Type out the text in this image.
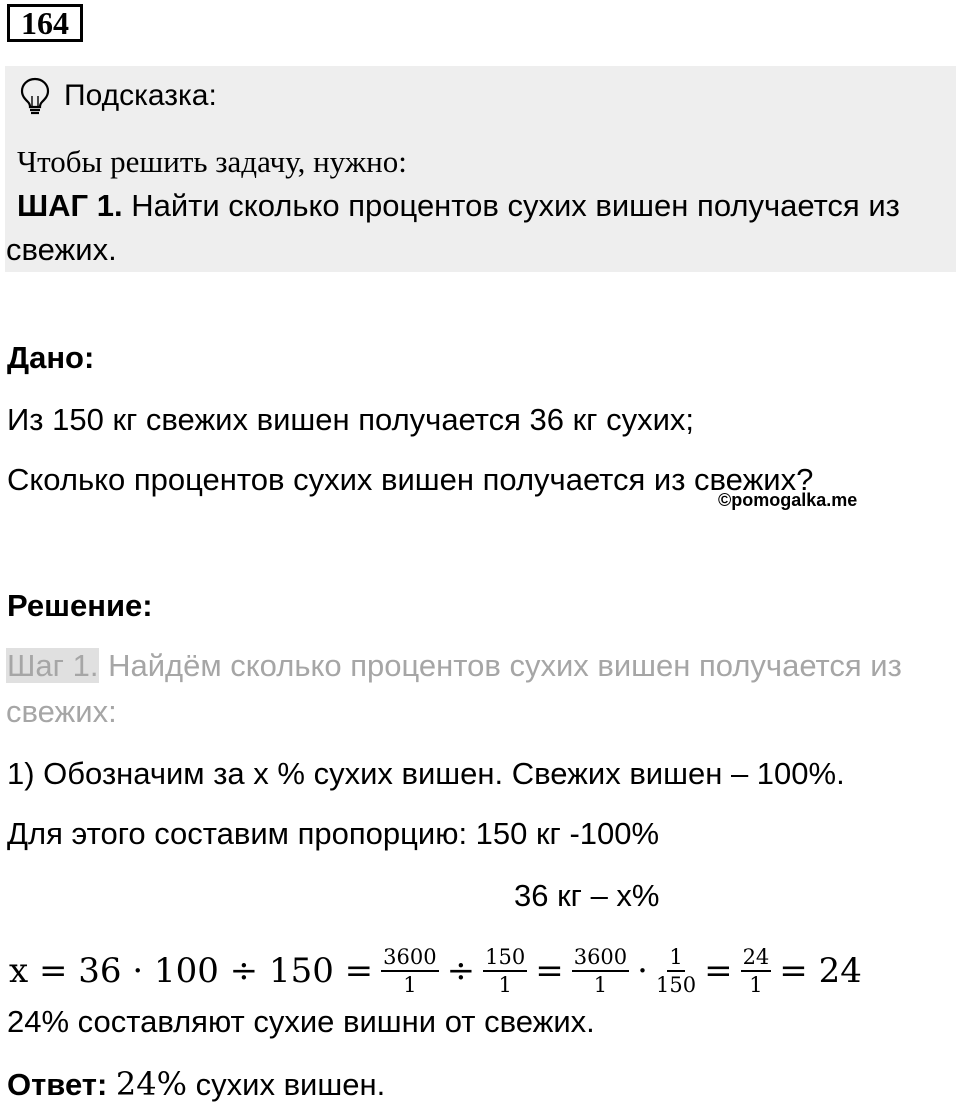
164
Подсказка:
Чтобы решить задачу, нужно:
ШАГ 1. Найти сколько процентов сухих вишен получается из
свежих.
Дано:
Из 150 кг свежих вишен получается 36 кг сухих;
Сколько процентов сухих вишен получается из свежих?
©pomogalka.me
Решение:
Шаг 1. Найдём сколько процентов сухих вишен получается из
свежих:
1) Обозначим за x % сухих вишен. Свежих вишен – 100%.
Для этого составим пропорцию: 150 кг -100%
36 кг – x%
$x = 36 \cdot 100 \div 150 = \frac{3600}{1} \div \frac{150}{1} = \frac{3600}{1} \cdot \frac{1}{150} = \frac{24}{1} = 24$
24% составляют сухие вишни от свежих.
Ответ: 24% сухих вишен.
